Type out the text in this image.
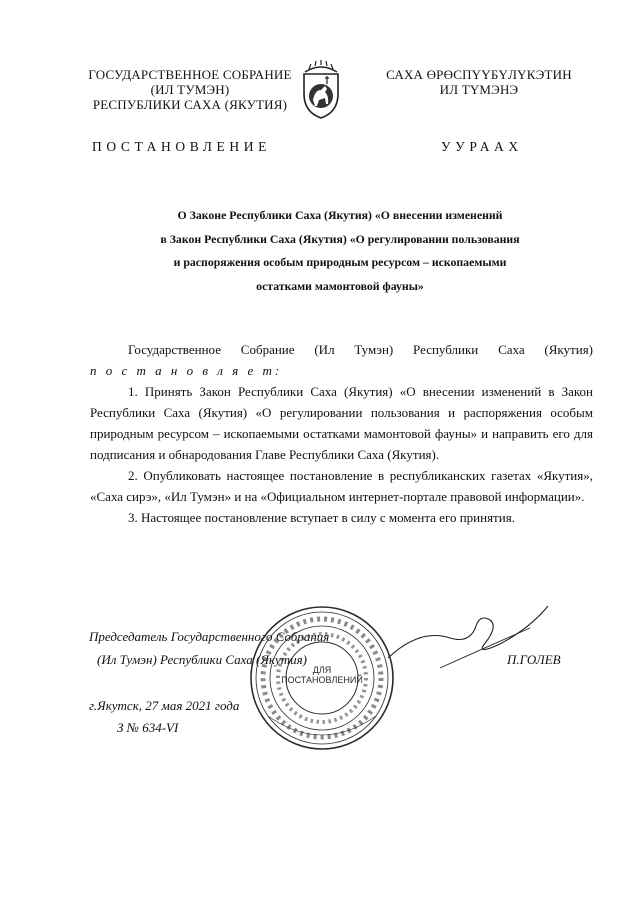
ГОСУДАРСТВЕННОЕ СОБРАНИЕ
(ИЛ ТУМЭН)
РЕСПУБЛИКИ САХА (ЯКУТИЯ)
САХА ӨРӨСПҮҮБҮЛҮКЭТИН
ИЛ ТҮМЭНЭ
ПОСТАНОВЛЕНИЕ	УУРААХ
О Законе Республики Саха (Якутия) «О внесении изменений
в Закон Республики Саха (Якутия) «О регулировании пользования
и распоряжения особым природным ресурсом – ископаемыми
остатками мамонтовой фауны»
Государственное Собрание (Ил Тумэн) Республики Саха (Якутия)
п о с т а н о в л я е т:

1. Принять Закон Республики Саха (Якутия) «О внесении изменений в Закон Республики Саха (Якутия) «О регулировании пользования и распоряжения особым природным ресурсом – ископаемыми остатками мамонтовой фауны» и направить его для подписания и обнародования Главе Республики Саха (Якутия).

2. Опубликовать настоящее постановление в республиканских газетах «Якутия», «Саха сирэ», «Ил Тумэн» и на «Официальном интернет-портале правовой информации».

3. Настоящее постановление вступает в силу с момента его принятия.

Председатель Государственного Собрания
(Ил Тумэн) Республики Саха (Якутия)	П.ГОЛЕВ
г.Якутск, 27 мая 2021 года
З № 634-VI
ДЛЯ
ПОСТАНОВЛЕНИЙ
